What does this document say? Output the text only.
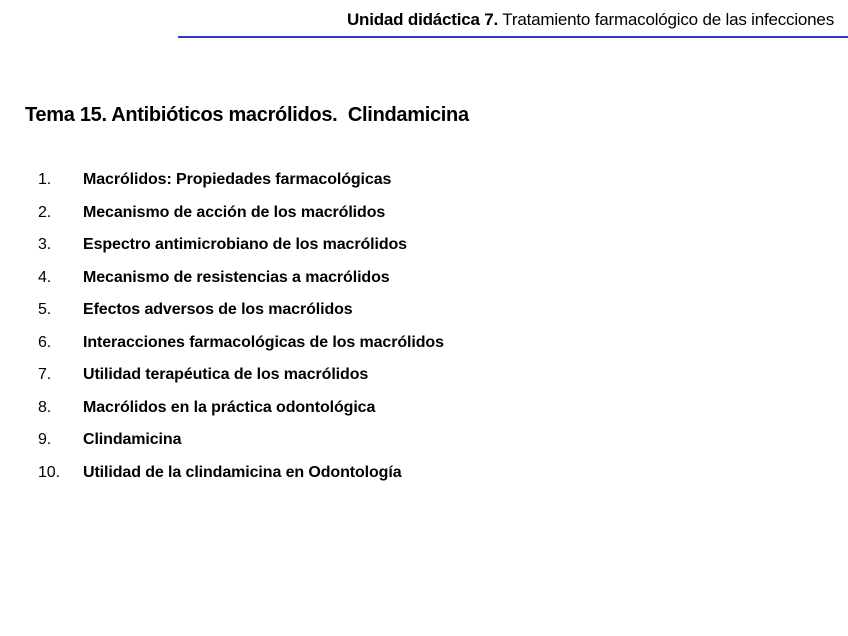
Unidad didáctica 7. Tratamiento farmacológico de las infecciones
Tema 15. Antibióticos macrólidos.  Clindamicina
1. Macrólidos: Propiedades farmacológicas
2. Mecanismo de acción de los macrólidos
3. Espectro antimicrobiano de los macrólidos
4. Mecanismo de resistencias a macrólidos
5. Efectos adversos de los macrólidos
6. Interacciones farmacológicas de los macrólidos
7. Utilidad terapéutica de los macrólidos
8. Macrólidos en la práctica odontológica
9. Clindamicina
10. Utilidad de la clindamicina en Odontología
